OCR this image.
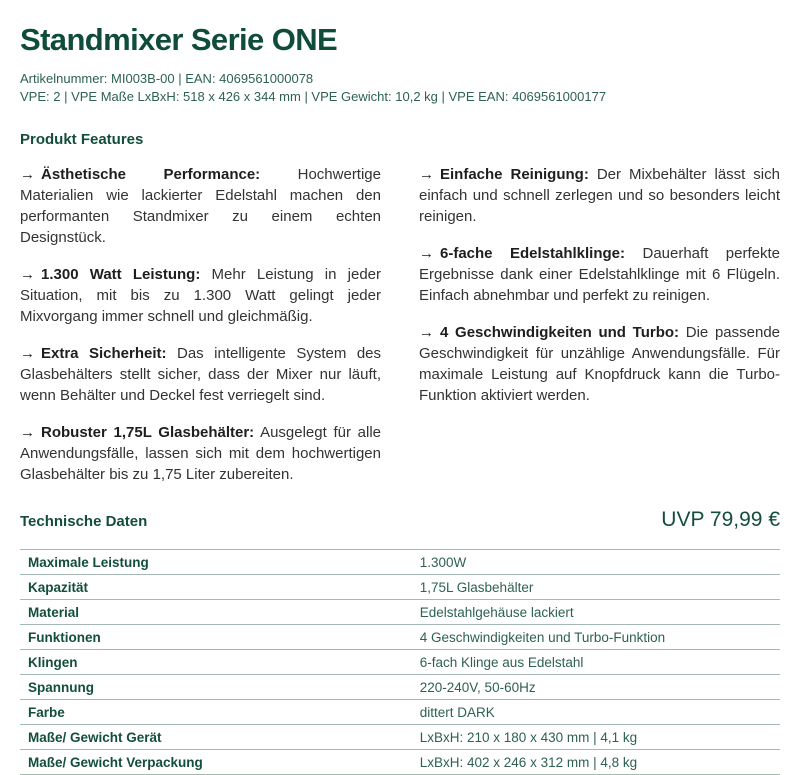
Standmixer Serie ONE
Artikelnummer: MI003B-00 | EAN: 4069561000078
VPE: 2 | VPE Maße LxBxH: 518 x 426 x 344 mm | VPE Gewicht: 10,2 kg | VPE EAN: 4069561000177
Produkt Features

→ Ästhetische Performance: Hochwertige Materialien wie lackierter Edelstahl machen den performanten Standmixer zu einem echten Designstück.

→ 1.300 Watt Leistung: Mehr Leistung in jeder Situation, mit bis zu 1.300 Watt gelingt jeder Mixvorgang immer schnell und gleichmäßig.

→ Extra Sicherheit: Das intelligente System des Glasbehälters stellt sicher, dass der Mixer nur läuft, wenn Behälter und Deckel fest verriegelt sind.

→ Robuster 1,75L Glasbehälter: Ausgelegt für alle Anwendungsfälle, lassen sich mit dem hochwertigen Glasbehälter bis zu 1,75 Liter zubereiten.

→ Einfache Reinigung: Der Mixbehälter lässt sich einfach und schnell zerlegen und so besonders leicht reinigen.

→ 6-fache Edelstahlklinge: Dauerhaft perfekte Ergebnisse dank einer Edelstahlklinge mit 6 Flügeln. Einfach abnehmbar und perfekt zu reinigen.

→ 4 Geschwindigkeiten und Turbo: Die passende Geschwindigkeit für unzählige Anwendungsfälle. Für maximale Leistung auf Knopfdruck kann die Turbo-Funktion aktiviert werden.

Technische Daten	UVP 79,99 €
Maximale Leistung	1.300W
Kapazität	1,75L Glasbehälter
Material	Edelstahlgehäuse lackiert
Funktionen	4 Geschwindigkeiten und Turbo-Funktion
Klingen	6-fach Klinge aus Edelstahl
Spannung	220-240V, 50-60Hz
Farbe	dittert DARK
Maße/ Gewicht Gerät	LxBxH: 210 x 180 x 430 mm | 4,1 kg
Maße/ Gewicht Verpackung	LxBxH: 402 x 246 x 312 mm | 4,8 kg
